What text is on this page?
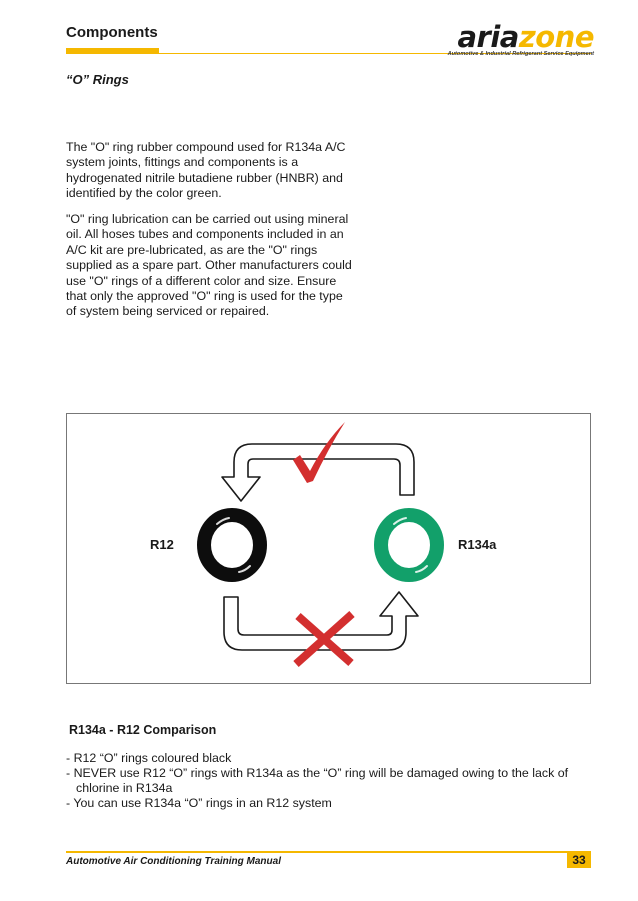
Components	ariazone
Automotive & Industrial Refrigerant Service Equipment
“O” Rings

The "O" ring rubber compound used for R134a A/C system joints, fittings and components is a hydrogenated nitrile butadiene rubber (HNBR) and identified by the color green.

"O" ring lubrication can be carried out using mineral oil. All hoses tubes and components included in an A/C kit are pre-lubricated, as are the "O" rings supplied as a spare part. Other manufacturers could use "O" rings of a different color and size. Ensure that only the approved "O" ring is used for the type of system being serviced or repaired.

R12	R134a
R134a - R12 Comparison
- R12 “O” rings coloured black
- NEVER use R12 “O” rings with R134a as the “O” ring will be damaged owing to the lack of chlorine in R134a
- You can use R134a “O” rings in an R12 system
Automotive Air Conditioning Training Manual	33
